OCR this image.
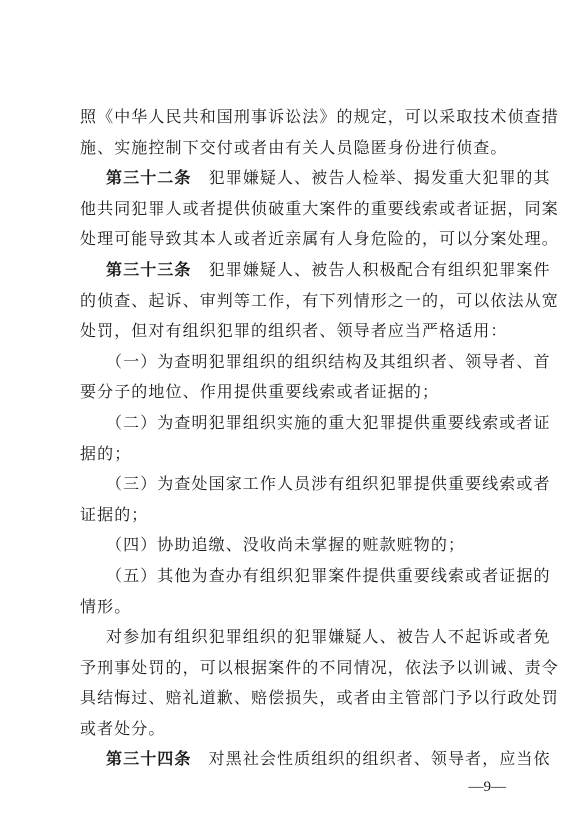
照《中华人民共和国刑事诉讼法》的规定，可以采取技术侦查措
施、实施控制下交付或者由有关人员隐匿身份进行侦查。
第三十二条　犯罪嫌疑人、被告人检举、揭发重大犯罪的其
他共同犯罪人或者提供侦破重大案件的重要线索或者证据，同案
处理可能导致其本人或者近亲属有人身危险的，可以分案处理。
第三十三条　犯罪嫌疑人、被告人积极配合有组织犯罪案件
的侦查、起诉、审判等工作，有下列情形之一的，可以依法从宽
处罚，但对有组织犯罪的组织者、领导者应当严格适用：
（一）为查明犯罪组织的组织结构及其组织者、领导者、首
要分子的地位、作用提供重要线索或者证据的；
（二）为查明犯罪组织实施的重大犯罪提供重要线索或者证
据的；
（三）为查处国家工作人员涉有组织犯罪提供重要线索或者
证据的；
（四）协助追缴、没收尚未掌握的赃款赃物的；
（五）其他为查办有组织犯罪案件提供重要线索或者证据的
情形。
对参加有组织犯罪组织的犯罪嫌疑人、被告人不起诉或者免
予刑事处罚的，可以根据案件的不同情况，依法予以训诫、责令
具结悔过、赔礼道歉、赔偿损失，或者由主管部门予以行政处罚
或者处分。
第三十四条　对黑社会性质组织的组织者、领导者，应当依
—9—
